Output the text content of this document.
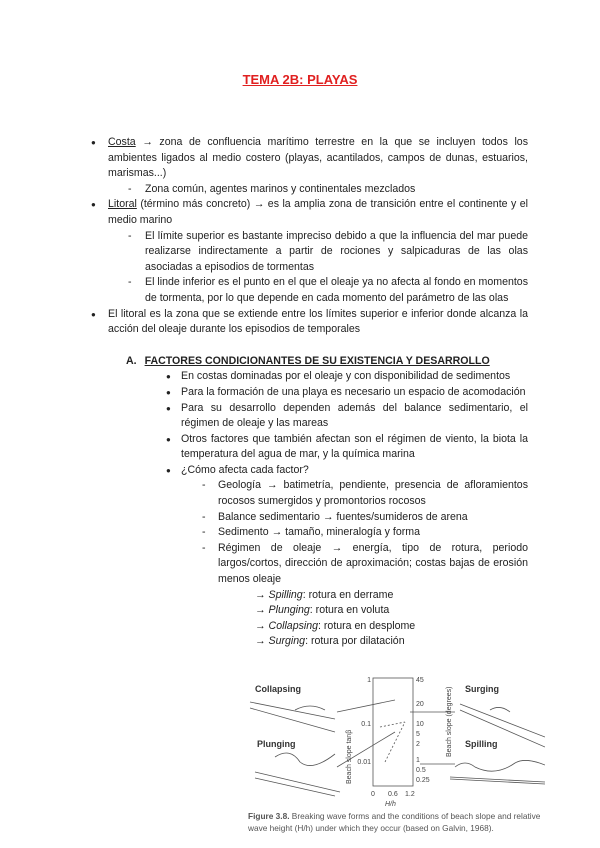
TEMA 2B: PLAYAS
● Costa → zona de confluencia marítimo terrestre en la que se incluyen todos los ambientes ligados al medio costero (playas, acantilados, campos de dunas, estuarios, marismas...)
- Zona común, agentes marinos y continentales mezclados
● Litoral (término más concreto) → es la amplia zona de transición entre el continente y el medio marino
- El límite superior es bastante impreciso debido a que la influencia del mar puede realizarse indirectamente a partir de rociones y salpicaduras de las olas asociadas a episodios de tormentas
- El linde inferior es el punto en el que el oleaje ya no afecta al fondo en momentos de tormenta, por lo que depende en cada momento del parámetro de las olas
● El litoral es la zona que se extiende entre los límites superior e inferior donde alcanza la acción del oleaje durante los episodios de temporales
A. FACTORES CONDICIONANTES DE SU EXISTENCIA Y DESARROLLO
● En costas dominadas por el oleaje y con disponibilidad de sedimentos
● Para la formación de una playa es necesario un espacio de acomodación
● Para su desarrollo dependen además del balance sedimentario, el régimen de oleaje y las mareas
● Otros factores que también afectan son el régimen de viento, la biota la temperatura del agua de mar, y la química marina
● ¿Cómo afecta cada factor?
- Geología → batimetría, pendiente, presencia de afloramientos rocosos sumergidos y promontorios rocosos
- Balance sedimentario → fuentes/sumideros de arena
- Sedimento → tamaño, mineralogía y forma
- Régimen de oleaje → energía, tipo de rotura, periodo largos/cortos, dirección de aproximación; costas bajas de erosión menos oleaje
→ Spilling: rotura en derrame
→ Plunging: rotura en voluta
→ Collapsing: rotura en desplome
→ Surging: rotura por dilatación
Collapsing	Surging
Plunging	Spilling
1
0.1
0.01
45
20
10
5
2
1
0.5
0.25
0 0.6 1.2
H/h
Beach slope tanβ	Beach slope (degrees)
Figure 3.8. Breaking wave forms and the conditions of beach slope and relative wave height (H/h) under which they occur (based on Galvin, 1968).
